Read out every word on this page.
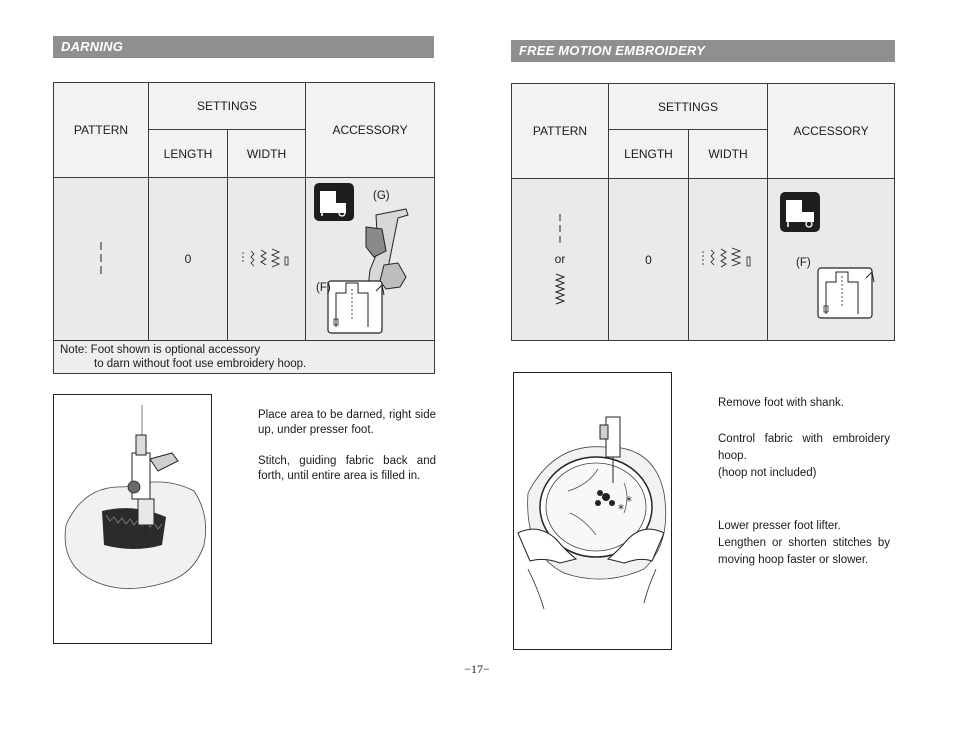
DARNING
PATTERN	SETTINGS		ACCESSORY
	LENGTH	WIDTH	
	0		(G)
(F)

Note: Foot shown is optional accessory
to darn without foot use embroidery hoop.			

Place area to be darned, right side up, under presser foot.

Stitch, guiding fabric back and forth, until entire area is filled in.

FREE MOTION EMBROIDERY
PATTERN	SETTINGS		ACCESSORY
	LENGTH	WIDTH	

or	0		(F)
*
*

Remove foot with shank.

Control fabric with embroidery hoop.

(hoop not included)

Lower presser foot lifter.

Lengthen or shorten stitches by moving hoop faster or slower.

−17−
